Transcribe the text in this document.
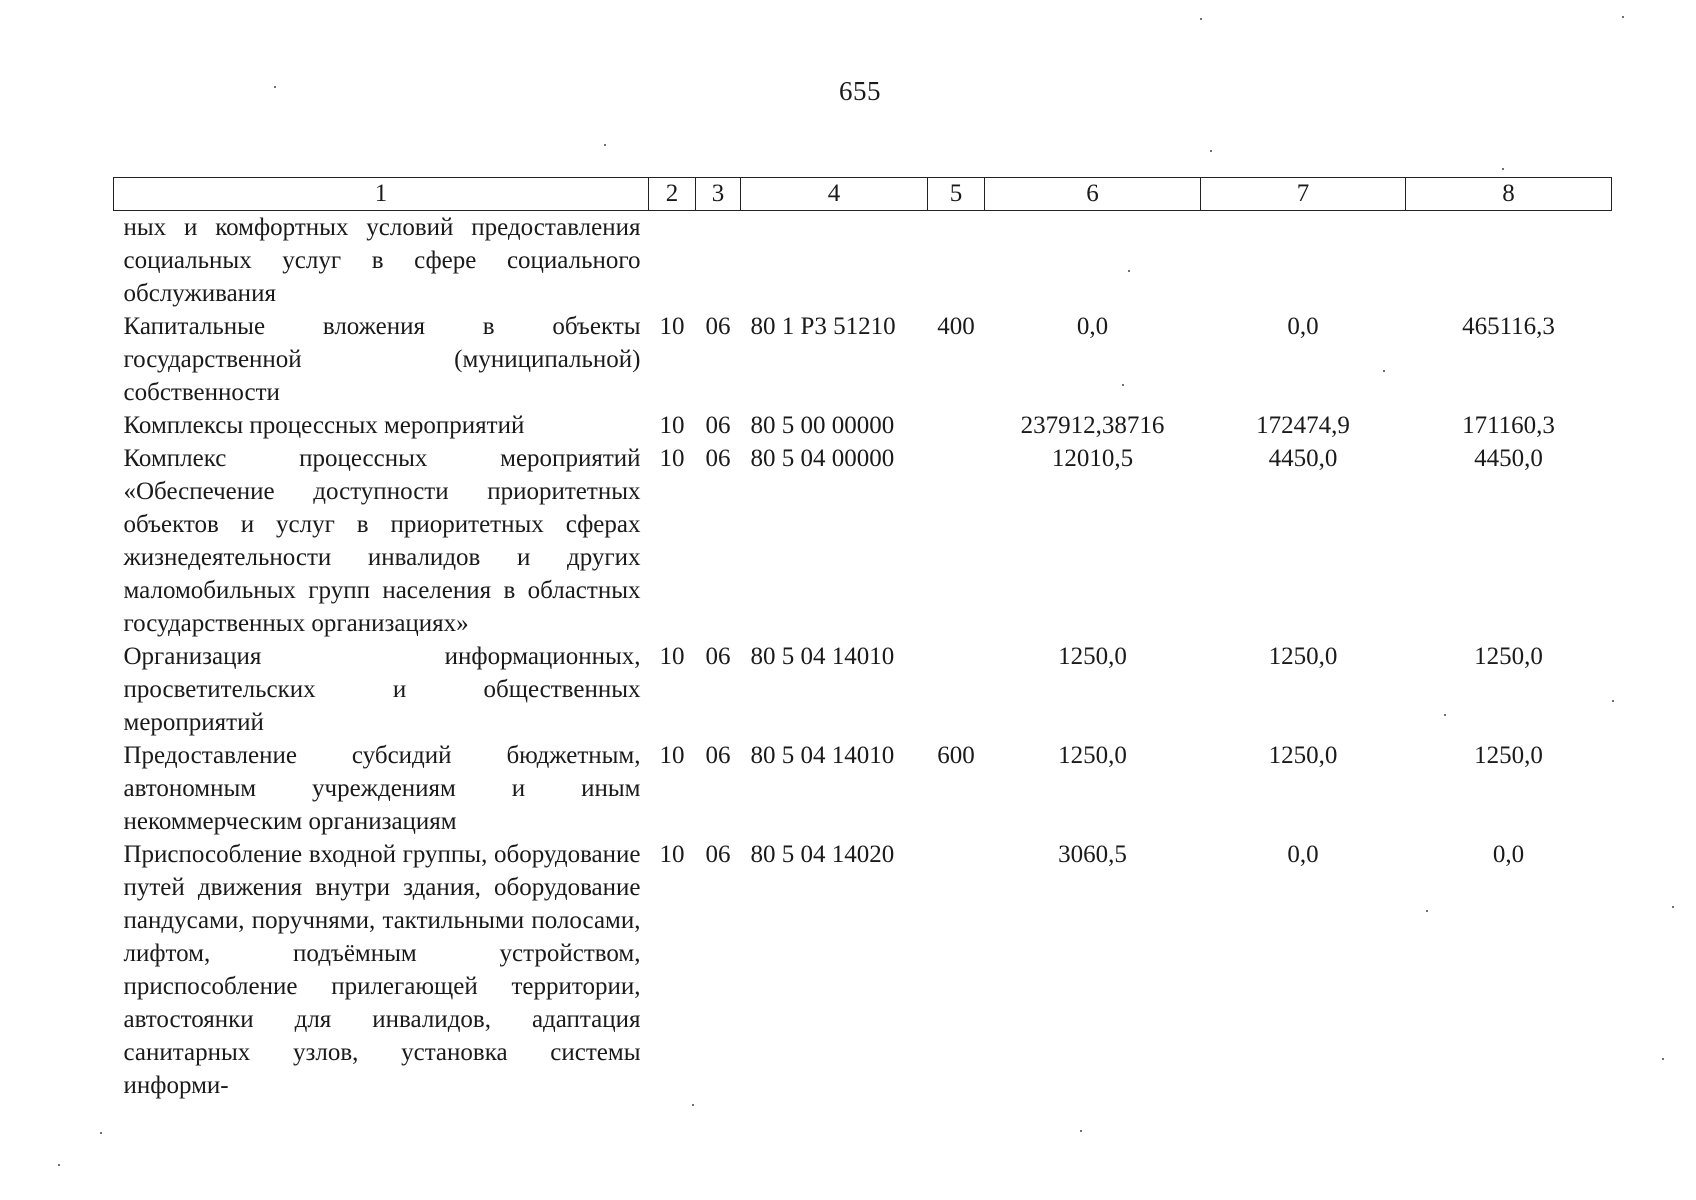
655
1	2	3	4	5	6	7	8
ных и комфортных условий предоставления социальных услуг в сфере социального обслуживания							
Капитальные вложения в объекты государственной (муниципальной) собственности	10	06	80 1 Р3 51210	400	0,0	0,0	465116,3
Комплексы процессных мероприятий	10	06	80 5 00 00000		237912,38716	172474,9	171160,3
Комплекс процессных мероприятий «Обеспечение доступности приоритетных объектов и услуг в приоритетных сферах жизнедеятельности инвалидов и других маломобильных групп населения в областных государственных организациях»	10	06	80 5 04 00000		12010,5	4450,0	4450,0
Организация информационных, просветительских и общественных мероприятий	10	06	80 5 04 14010		1250,0	1250,0	1250,0
Предоставление субсидий бюджетным, автономным учреждениям и иным некоммерческим организациям	10	06	80 5 04 14010	600	1250,0	1250,0	1250,0
Приспособление входной группы, оборудование путей движения внутри здания, оборудование пандусами, поручнями, тактильными полосами, лифтом, подъёмным устройством, приспособление прилегающей территории, автостоянки для инвалидов, адаптация санитарных узлов, установка системы информи-	10	06	80 5 04 14020		3060,5	0,0	0,0
